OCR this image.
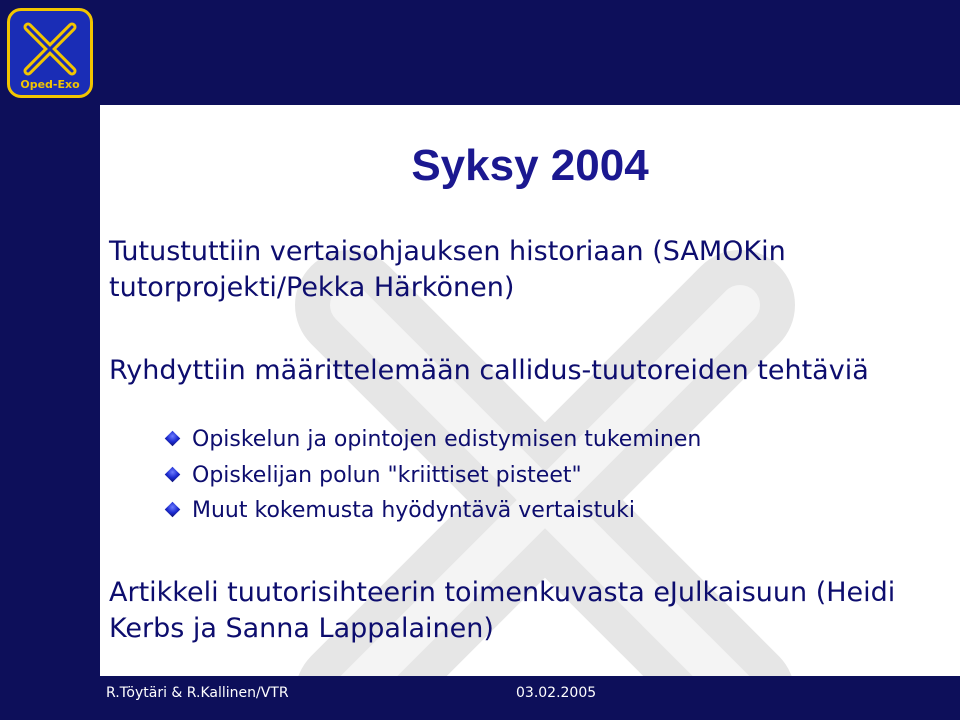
Oped-Exo
Syksy 2004

Tutustuttiin vertaisohjauksen historiaan (SAMOKin tutorprojekti/Pekka Härkönen)

Ryhdyttiin määrittelemään callidus-tuutoreiden tehtäviä

Opiskelun ja opintojen edistymisen tukeminen
Opiskelijan polun "kriittiset pisteet"
Muut kokemusta hyödyntävä vertaistuki

Artikkeli tuutorisihteerin toimenkuvasta eJulkaisuun (Heidi Kerbs ja Sanna Lappalainen)

R.Töytäri & R.Kallinen/VTR	03.02.2005
